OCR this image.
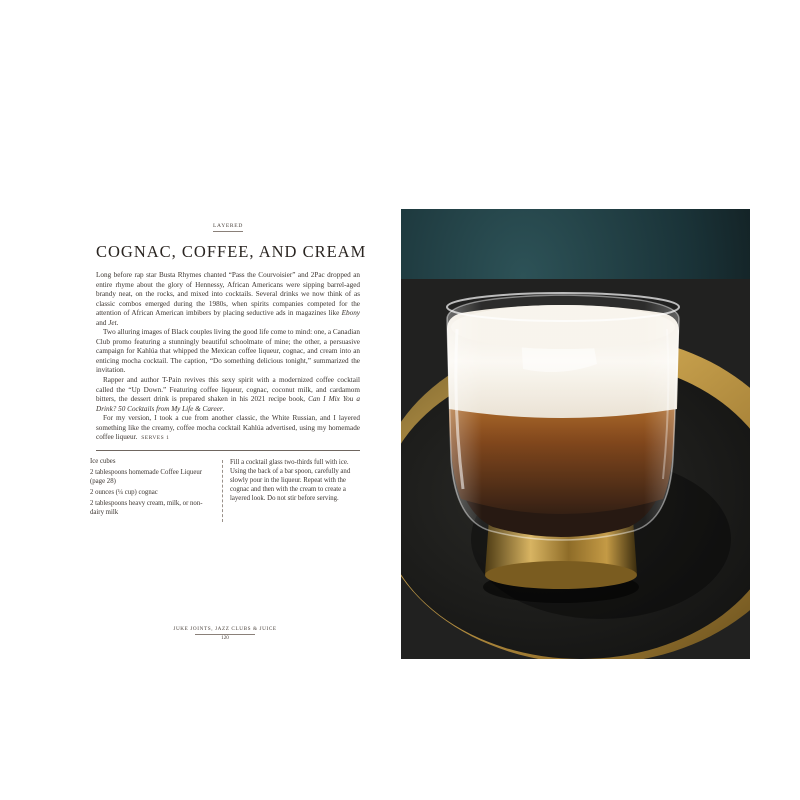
LAYERED
COGNAC, COFFEE, AND CREAM

Long before rap star Busta Rhymes chanted “Pass the Courvoisier” and 2Pac dropped an entire rhyme about the glory of Hennessy, African Americans were sipping barrel-aged brandy neat, on the rocks, and mixed into cocktails. Several drinks we now think of as classic combos emerged during the 1980s, when spirits companies competed for the attention of African American imbibers by placing seductive ads in magazines like Ebony and Jet.

Two alluring images of Black couples living the good life come to mind: one, a Canadian Club promo featuring a stunningly beautiful schoolmate of mine; the other, a persuasive campaign for Kahlúa that whipped the Mexican coffee liqueur, cognac, and cream into an enticing mocha cocktail. The caption, “Do something delicious tonight,” summarized the invitation.

Rapper and author T-Pain revives this sexy spirit with a modernized coffee cocktail called the “Up Down.” Featuring coffee liqueur, cognac, coconut milk, and cardamom bitters, the dessert drink is prepared shaken in his 2021 recipe book, Can I Mix You a Drink? 50 Cocktails from My Life & Career.

For my version, I took a cue from another classic, the White Russian, and I layered something like the creamy, coffee mocha cocktail Kahlúa advertised, using my homemade coffee liqueur. SERVES 1

Ice cubes

2 tablespoons homemade Coffee Liqueur (page 28)

2 ounces (¼ cup) cognac

2 tablespoons heavy cream, milk, or non-dairy milk

Fill a cocktail glass two-thirds full with ice. Using the back of a bar spoon, carefully and slowly pour in the liqueur. Repeat with the cognac and then with the cream to create a layered look. Do not stir before serving.
JUKE JOINTS, JAZZ CLUBS & JUICE
120
